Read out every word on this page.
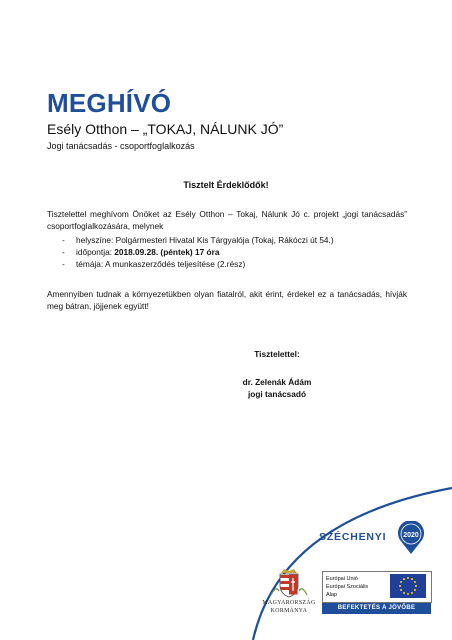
MEGHÍVÓ
Esély Otthon – „TOKAJ, NÁLUNK JÓ”
Jogi tanácsadás - csoportfoglalkozás
Tisztelt Érdeklődők!
Tisztelettel meghívom Önöket az Esély Otthon – Tokaj, Nálunk Jó c. projekt „jogi tanácsadás” csoportfoglalkozására, melynek
- helyszíne: Polgármesteri Hivatal Kis Tárgyalója (Tokaj, Rákóczi út 54.)
- időpontja: 2018.09.28. (péntek) 17 óra
- témája: A munkaszerződés teljesítése (2.rész)
Amennyiben tudnak a környezetükben olyan fiatalról, akit érint, érdekel ez a tanácsadás, hívják meg bátran, jöjjenek együtt!
Tisztelettel:
dr. Zelenák Ádám
jogi tanácsadó
SZÉCHENYI 2020
MAGYARORSZÁG
KORMÁNYA
Európai Unió
Európai Szociális
Alap
BEFEKTETÉS A JÖVŐBE
